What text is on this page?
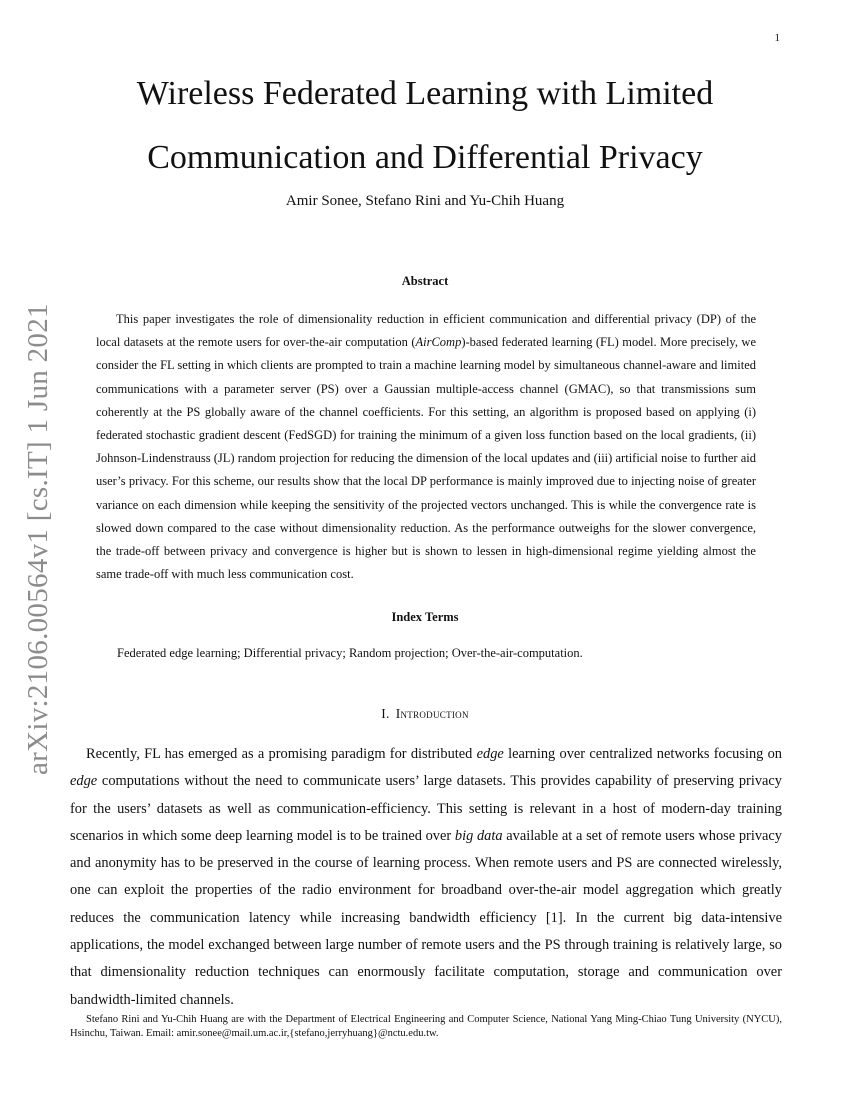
1
arXiv:2106.00564v1 [cs.IT] 1 Jun 2021
Wireless Federated Learning with Limited
Communication and Differential Privacy
Amir Sonee, Stefano Rini and Yu-Chih Huang
Abstract

This paper investigates the role of dimensionality reduction in efficient communication and differential privacy (DP) of the local datasets at the remote users for over-the-air computation (AirComp)-based federated learning (FL) model. More precisely, we consider the FL setting in which clients are prompted to train a machine learning model by simultaneous channel-aware and limited communications with a parameter server (PS) over a Gaussian multiple-access channel (GMAC), so that transmissions sum coherently at the PS globally aware of the channel coefficients. For this setting, an algorithm is proposed based on applying (i) federated stochastic gradient descent (FedSGD) for training the minimum of a given loss function based on the local gradients, (ii) Johnson-Lindenstrauss (JL) random projection for reducing the dimension of the local updates and (iii) artificial noise to further aid user’s privacy. For this scheme, our results show that the local DP performance is mainly improved due to injecting noise of greater variance on each dimension while keeping the sensitivity of the projected vectors unchanged. This is while the convergence rate is slowed down compared to the case without dimensionality reduction. As the performance outweighs for the slower convergence, the trade-off between privacy and convergence is higher but is shown to lessen in high-dimensional regime yielding almost the same trade-off with much less communication cost.

Index Terms

Federated edge learning; Differential privacy; Random projection; Over-the-air-computation.

I. Introduction

Recently, FL has emerged as a promising paradigm for distributed edge learning over centralized networks focusing on edge computations without the need to communicate users’ large datasets. This provides capability of preserving privacy for the users’ datasets as well as communication-efficiency. This setting is relevant in a host of modern-day training scenarios in which some deep learning model is to be trained over big data available at a set of remote users whose privacy and anonymity has to be preserved in the course of learning process. When remote users and PS are connected wirelessly, one can exploit the properties of the radio environment for broadband over-the-air model aggregation which greatly reduces the communication latency while increasing bandwidth efficiency [1]. In the current big data-intensive applications, the model exchanged between large number of remote users and the PS through training is relatively large, so that dimensionality reduction techniques can enormously facilitate computation, storage and communication over bandwidth-limited channels.

Stefano Rini and Yu-Chih Huang are with the Department of Electrical Engineering and Computer Science, National Yang Ming-Chiao Tung University (NYCU), Hsinchu, Taiwan. Email: amir.sonee@mail.um.ac.ir,{stefano,jerryhuang}@nctu.edu.tw.
